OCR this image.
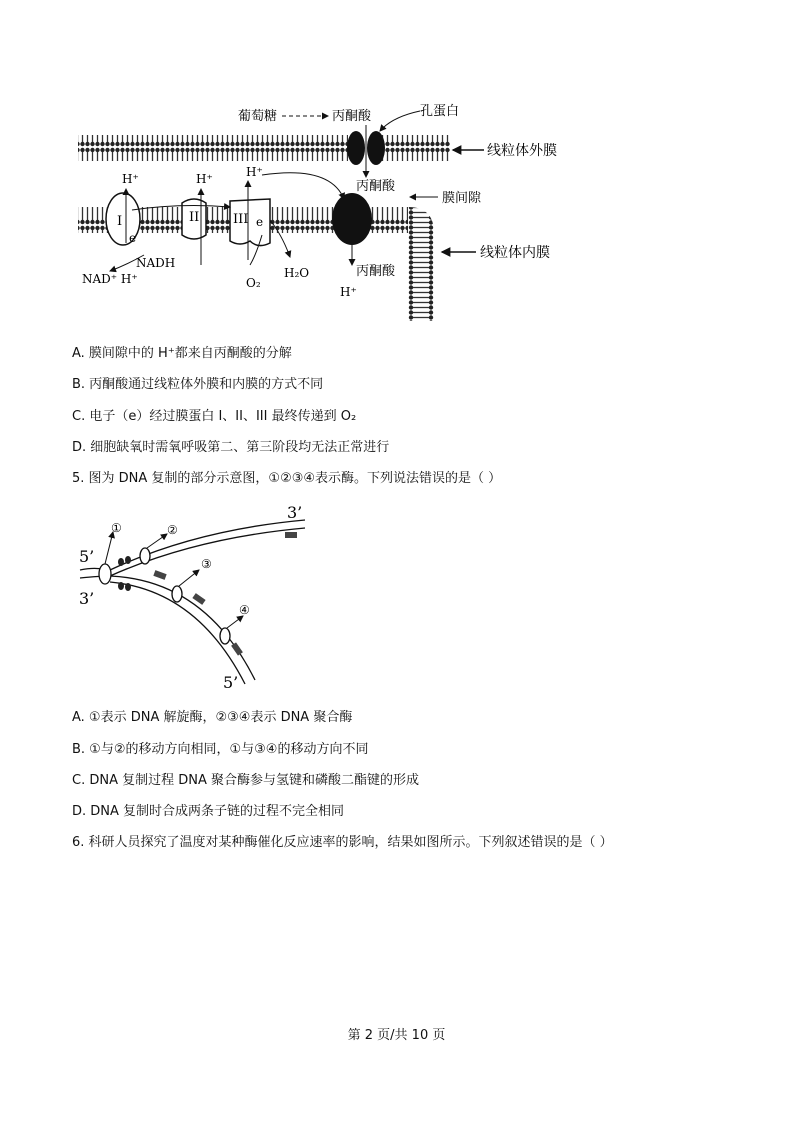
I	II	III
e
e
葡萄糖	丙酮酸	孔蛋白
线粒体外膜
H⁺	H⁺	H⁺
丙酮酸
膜间隙
线粒体内膜
NADH
NAD⁺ H⁺	O₂
H₂O	丙酮酸
H⁺
A. 膜间隙中的 H⁺都来自丙酮酸的分解
B. 丙酮酸通过线粒体外膜和内膜的方式不同
C. 电子（e）经过膜蛋白 I、II、III 最终传递到 O₂
D. 细胞缺氧时需氧呼吸第二、第三阶段均无法正常进行
5. 图为 DNA 复制的部分示意图，①②③④表示酶。下列说法错误的是（ ）
①	②
③
④
3’
5’
3’
5’
A. ①表示 DNA 解旋酶，②③④表示 DNA 聚合酶
B. ①与②的移动方向相同，①与③④的移动方向不同
C. DNA 复制过程 DNA 聚合酶参与氢键和磷酸二酯键的形成
D. DNA 复制时合成两条子链的过程不完全相同
6. 科研人员探究了温度对某种酶催化反应速率的影响，结果如图所示。下列叙述错误的是（ ）
第 2 页/共 10 页
